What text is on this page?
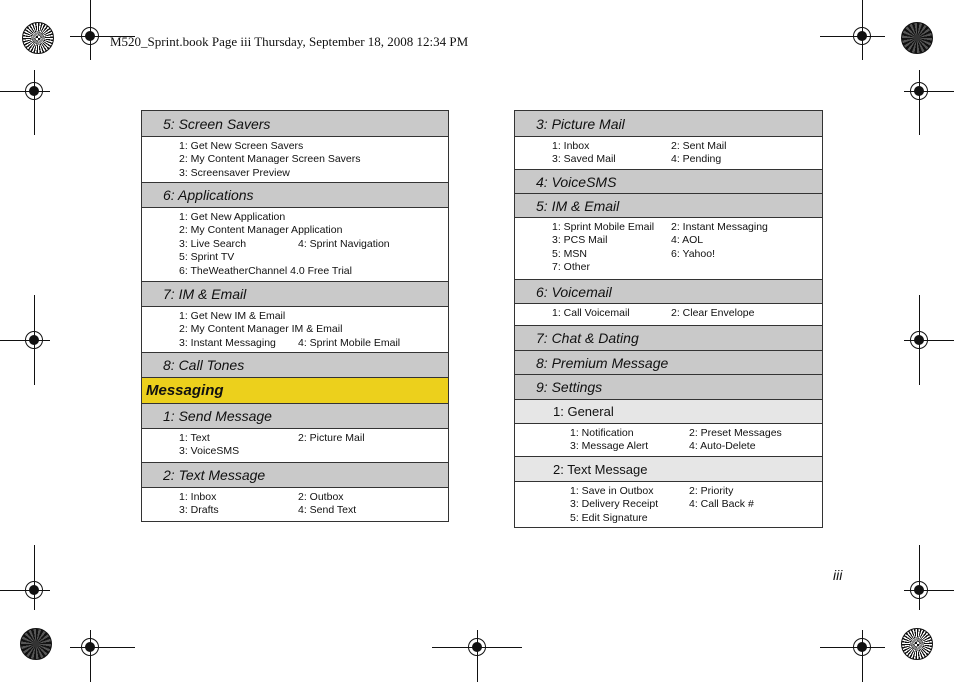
M520_Sprint.book Page iii Thursday, September 18, 2008 12:34 PM
5: Screen Savers
1: Get New Screen Savers
2: My Content Manager Screen Savers
3: Screensaver Preview
6: Applications
1: Get New Application
2: My Content Manager Application
3: Live Search	4: Sprint Navigation
5: Sprint TV
6: TheWeatherChannel 4.0 Free Trial
7: IM & Email
1: Get New IM & Email
2: My Content Manager IM & Email
3: Instant Messaging	4: Sprint Mobile Email
8: Call Tones
Messaging
1: Send Message
1: Text	2: Picture Mail
3: VoiceSMS
2: Text Message
1: Inbox	2: Outbox
3: Drafts	4: Send Text
3: Picture Mail
1: Inbox	2: Sent Mail
3: Saved Mail	4: Pending
4: VoiceSMS
5: IM & Email
1: Sprint Mobile Email	2: Instant Messaging
3: PCS Mail	4: AOL
5: MSN	6: Yahoo!
7: Other
6: Voicemail
1: Call Voicemail	2: Clear Envelope
7: Chat & Dating
8: Premium Message
9: Settings
1: General
1: Notification	2: Preset Messages
3: Message Alert	4: Auto-Delete
2: Text Message
1: Save in Outbox	2: Priority
3: Delivery Receipt	4: Call Back #
5: Edit Signature
iii
